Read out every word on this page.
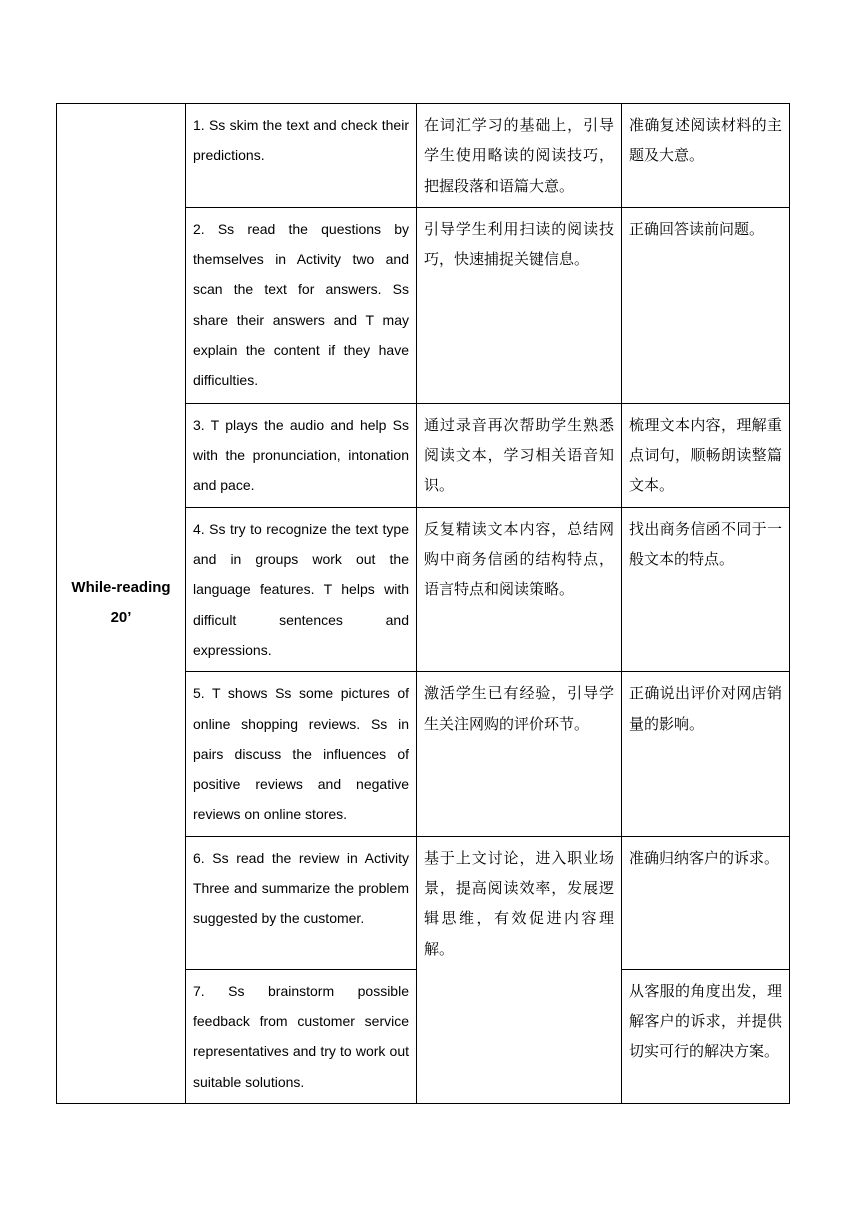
While-reading
20’	1. Ss skim the text and check their predictions.	在词汇学习的基础上，引导学生使用略读的阅读技巧，把握段落和语篇大意。	准确复述阅读材料的主题及大意。
	2. Ss read the questions by themselves in Activity two and scan the text for answers. Ss share their answers and T may explain the content if they have difficulties.	引导学生利用扫读的阅读技巧，快速捕捉关键信息。	正确回答读前问题。
	3. T plays the audio and help Ss with the pronunciation, intonation and pace.	通过录音再次帮助学生熟悉阅读文本，学习相关语音知识。	梳理文本内容，理解重点词句，顺畅朗读整篇文本。
	4. Ss try to recognize the text type and in groups work out the language features. T helps with difficult sentences and expressions.	反复精读文本内容，总结网购中商务信函的结构特点，语言特点和阅读策略。	找出商务信函不同于一般文本的特点。
	5. T shows Ss some pictures of online shopping reviews. Ss in pairs discuss the influences of positive reviews and negative reviews on online stores.	激活学生已有经验，引导学生关注网购的评价环节。	正确说出评价对网店销量的影响。
	6. Ss read the review in Activity Three and summarize the problem suggested by the customer.	基于上文讨论，进入职业场景，提高阅读效率，发展逻辑思维，有效促进内容理解。	准确归纳客户的诉求。
	7. Ss brainstorm possible feedback from customer service representatives and try to work out suitable solutions.		从客服的角度出发，理解客户的诉求，并提供切实可行的解决方案。
